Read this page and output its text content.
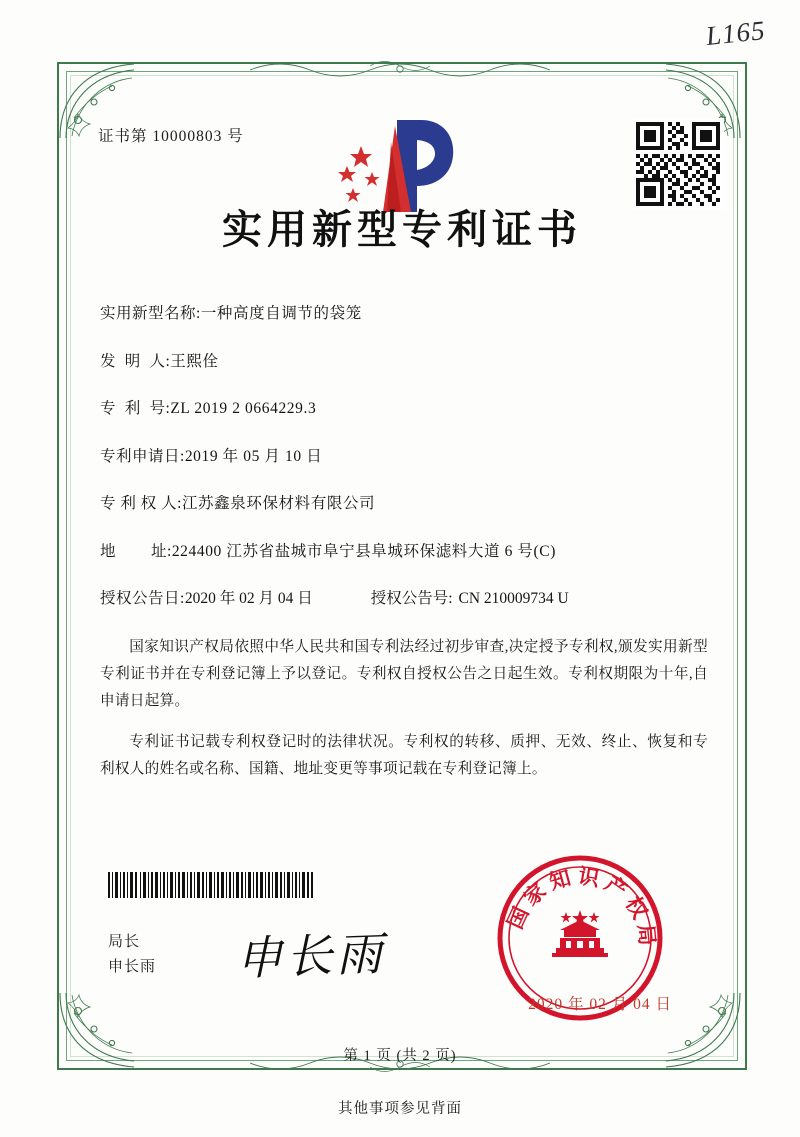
L165
证书第 10000803 号
实用新型专利证书
实用新型名称: 一种高度自调节的袋笼
发  明  人: 王熙佺
专  利  号: ZL 2019 2 0664229.3
专利申请日: 2019 年 05 月 10 日
专 利 权 人: 江苏鑫泉环保材料有限公司
地        址: 224400 江苏省盐城市阜宁县阜城环保滤料大道 6 号(C)
授权公告日: 2020 年 02 月 04 日	授权公告号: CN 210009734 U

国家知识产权局依照中华人民共和国专利法经过初步审查,决定授予专利权,颁发实用新型专利证书并在专利登记簿上予以登记。专利权自授权公告之日起生效。专利权期限为十年,自申请日起算。

专利证书记载专利权登记时的法律状况。专利权的转移、质押、无效、终止、恢复和专利权人的姓名或名称、国籍、地址变更等事项记载在专利登记簿上。

局长
申长雨 申长雨
国家知识产权局
2020 年 02 月 04 日
第 1 页 (共 2 页)
其他事项参见背面
